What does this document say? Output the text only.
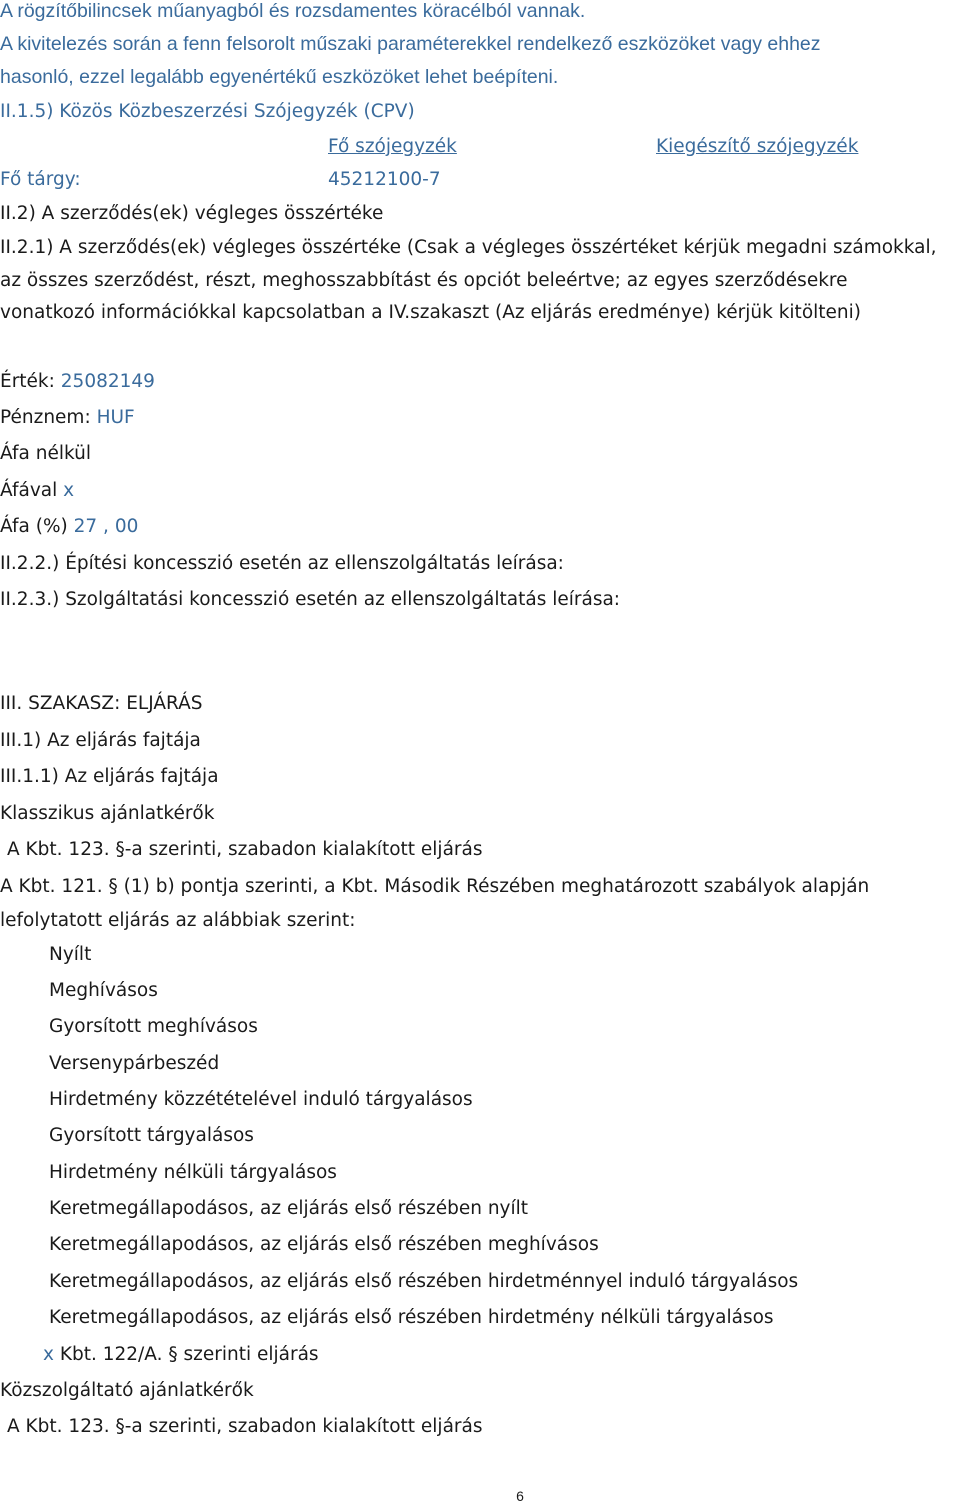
A rögzítőbilincsek műanyagból és rozsdamentes köracélból vannak.
A kivitelezés során a fenn felsorolt műszaki paraméterekkel rendelkező eszközöket vagy ehhez
hasonló, ezzel legalább egyenértékű eszközöket lehet beépíteni.
II.1.5) Közös Közbeszerzési Szójegyzék (CPV)
Fő szójegyzék	Kiegészítő szójegyzék
Fő tárgy:	45212100-7
II.2) A szerződés(ek) végleges összértéke
II.2.1) A szerződés(ek) végleges összértéke (Csak a végleges összértéket kérjük megadni számokkal, az összes szerződést, részt, meghosszabbítást és opciót beleértve; az egyes szerződésekre vonatkozó információkkal kapcsolatban a IV.szakaszt (Az eljárás eredménye) kérjük kitölteni)
Érték: 25082149
Pénznem: HUF
Áfa nélkül
Áfával x
Áfa (%) 27 , 00
II.2.2.) Építési koncesszió esetén az ellenszolgáltatás leírása:
II.2.3.) Szolgáltatási koncesszió esetén az ellenszolgáltatás leírása:
III. SZAKASZ: ELJÁRÁS
III.1) Az eljárás fajtája
III.1.1) Az eljárás fajtája
Klasszikus ajánlatkérők
A Kbt. 123. §-a szerinti, szabadon kialakított eljárás
A Kbt. 121. § (1) b) pontja szerinti, a Kbt. Második Részében meghatározott szabályok alapján lefolytatott eljárás az alábbiak szerint:
Nyílt
Meghívásos
Gyorsított meghívásos
Versenypárbeszéd
Hirdetmény közzétételével induló tárgyalásos
Gyorsított tárgyalásos
Hirdetmény nélküli tárgyalásos
Keretmegállapodásos, az eljárás első részében nyílt
Keretmegállapodásos, az eljárás első részében meghívásos
Keretmegállapodásos, az eljárás első részében hirdetménnyel induló tárgyalásos
Keretmegállapodásos, az eljárás első részében hirdetmény nélküli tárgyalásos
x Kbt. 122/A. § szerinti eljárás
Közszolgáltató ajánlatkérők
A Kbt. 123. §-a szerinti, szabadon kialakított eljárás
6
